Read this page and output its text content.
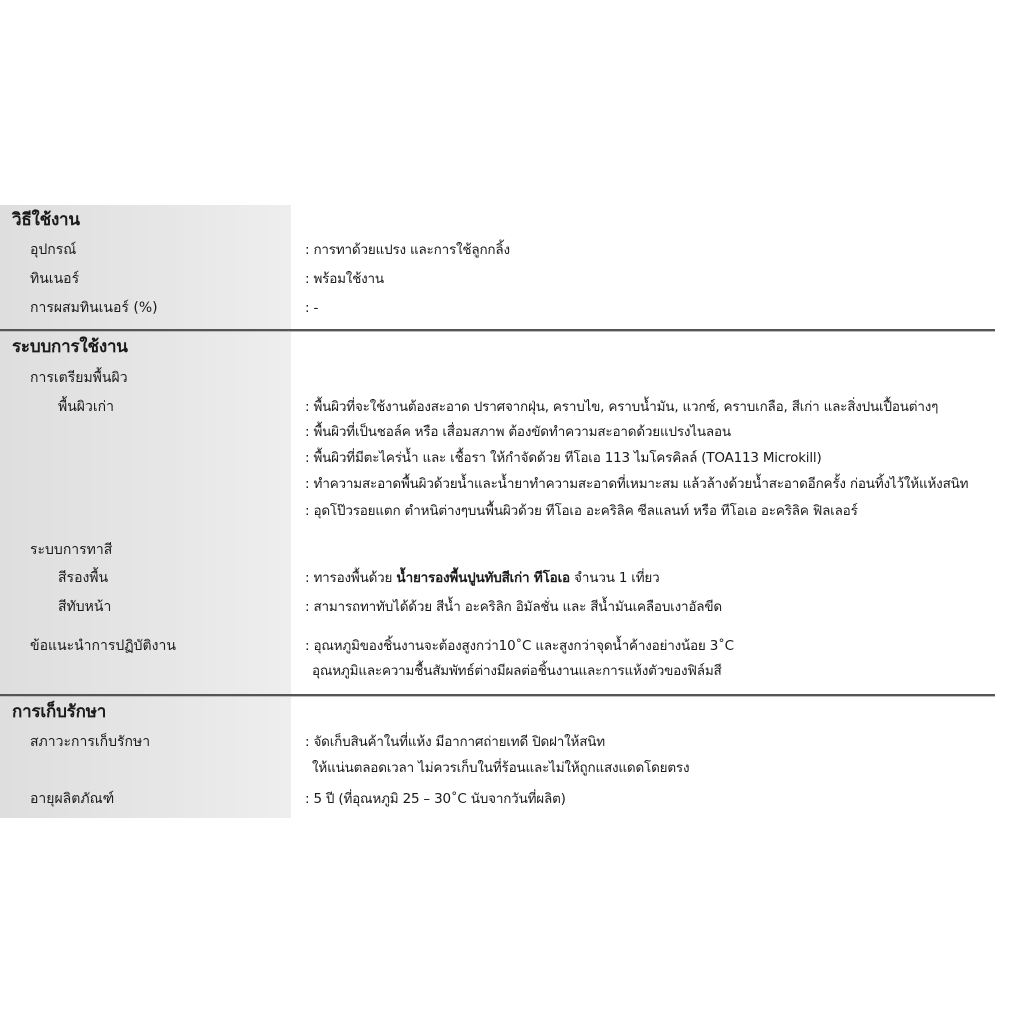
วิธีใช้งาน
อุปกรณ์	: การทาด้วยแปรง และการใช้ลูกกลิ้ง
ทินเนอร์	: พร้อมใช้งาน
การผสมทินเนอร์ (%)	: -
ระบบการใช้งาน
การเตรียมพื้นผิว
พื้นผิวเก่า	: พื้นผิวที่จะใช้งานต้องสะอาด ปราศจากฝุ่น, คราบไข, คราบน้ำมัน, แวกซ์, คราบเกลือ, สีเก่า และสิ่งปนเปื้อนต่างๆ
: พื้นผิวที่เป็นชอล์ค หรือ เสื่อมสภาพ ต้องขัดทำความสะอาดด้วยแปรงไนลอน
: พื้นผิวที่มีตะไคร่น้ำ และ เชื้อรา ให้กำจัดด้วย ทีโอเอ 113 ไมโครคิลล์ (TOA113 Microkill)
: ทำความสะอาดพื้นผิวด้วยน้ำและน้ำยาทำความสะอาดที่เหมาะสม แล้วล้างด้วยน้ำสะอาดอีกครั้ง ก่อนทิ้งไว้ให้แห้งสนิท
: อุดโป๊วรอยแตก ตำหนิต่างๆบนพื้นผิวด้วย ทีโอเอ อะคริลิค ซีลแลนท์ หรือ ทีโอเอ อะคริลิค ฟิลเลอร์
ระบบการทาสี
สีรองพื้น	: ทารองพื้นด้วย น้ำยารองพื้นปูนทับสีเก่า ทีโอเอ จำนวน 1 เที่ยว
สีทับหน้า	: สามารถทาทับได้ด้วย สีน้ำ อะคริลิก อิมัลชั่น และ สีน้ำมันเคลือบเงาอัลขีด
ข้อแนะนำการปฏิบัติงาน	: อุณหภูมิของชิ้นงานจะต้องสูงกว่า10˚C และสูงกว่าจุดน้ำค้างอย่างน้อย 3˚C
อุณหภูมิและความชื้นสัมพัทธ์ต่างมีผลต่อชิ้นงานและการแห้งตัวของฟิล์มสี
การเก็บรักษา
สภาวะการเก็บรักษา	: จัดเก็บสินค้าในที่แห้ง มีอากาศถ่ายเทดี ปิดฝาให้สนิท
ให้แน่นตลอดเวลา ไม่ควรเก็บในที่ร้อนและไม่ให้ถูกแสงแดดโดยตรง
อายุผลิตภัณฑ์	: 5 ปี (ที่อุณหภูมิ 25 – 30˚C นับจากวันที่ผลิต)
